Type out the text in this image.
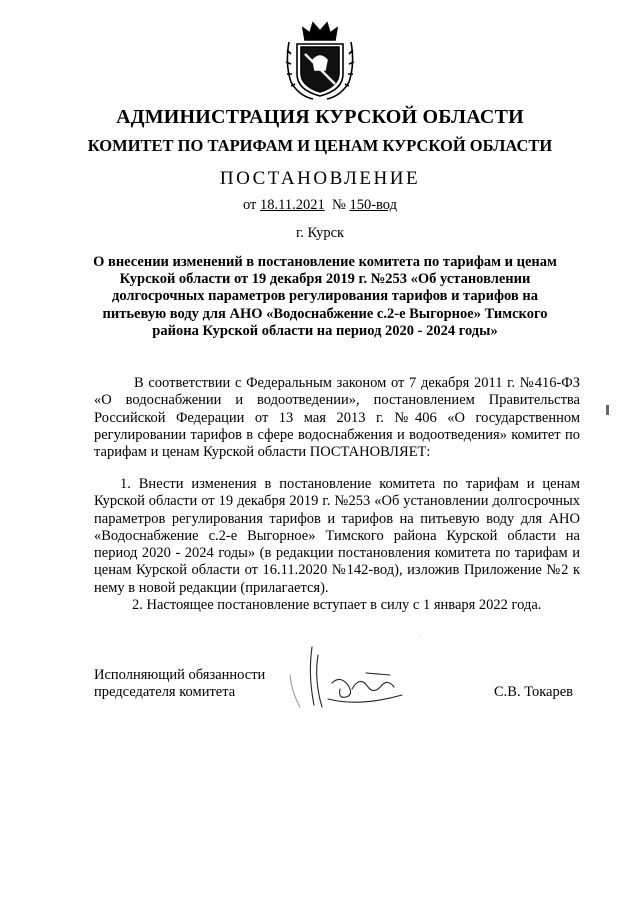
АДМИНИСТРАЦИЯ КУРСКОЙ ОБЛАСТИ
КОМИТЕТ ПО ТАРИФАМ И ЦЕНАМ КУРСКОЙ ОБЛАСТИ
ПОСТАНОВЛЕНИЕ
от 18.11.2021 № 150-вод
г. Курск
О внесении изменений в постановление комитета по тарифам и ценам Курской области от 19 декабря 2019 г. №253 «Об установлении долгосрочных параметров регулирования тарифов и тарифов на питьевую воду для АНО «Водоснабжение с.2-е Выгорное» Тимского района Курской области на период 2020 - 2024 годы»
В соответствии с Федеральным законом от 7 декабря 2011 г. №416-ФЗ «О водоснабжении и водоотведении», постановлением Правительства Российской Федерации от 13 мая 2013 г. №406 «О государственном регулировании тарифов в сфере водоснабжения и водоотведения» комитет по тарифам и ценам Курской области ПОСТАНОВЛЯЕТ:
1. Внести изменения в постановление комитета по тарифам и ценам Курской области от 19 декабря 2019 г. №253 «Об установлении долгосрочных параметров регулирования тарифов и тарифов на питьевую воду для АНО «Водоснабжение с.2-е Выгорное» Тимского района Курской области на период 2020 - 2024 годы» (в редакции постановления комитета по тарифам и ценам Курской области от 16.11.2020 №142-вод), изложив Приложение №2 к нему в новой редакции (прилагается).
2. Настоящее постановление вступает в силу с 1 января 2022 года.
Исполняющий обязанности
председателя комитета	С.В. Токарев
